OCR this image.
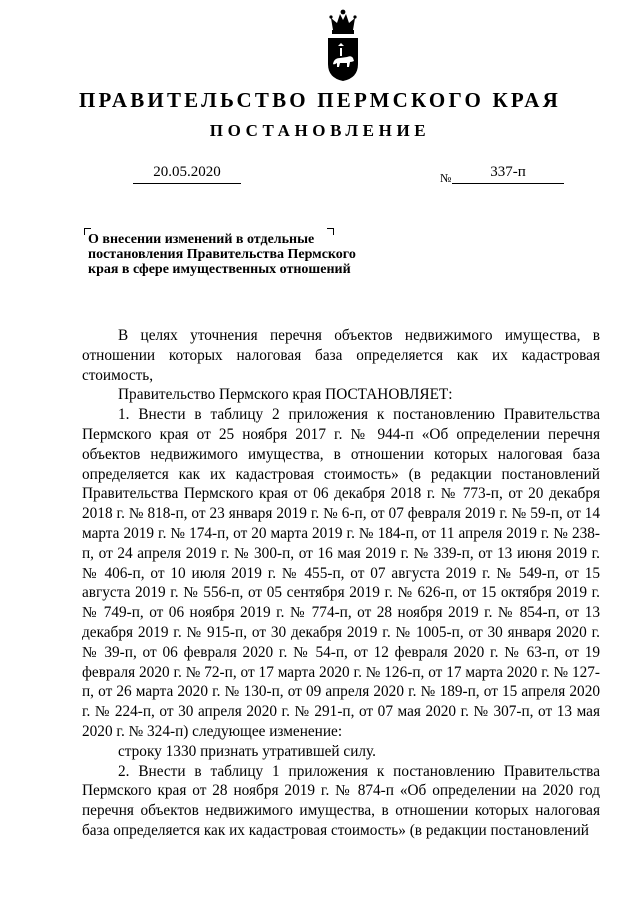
ПРАВИТЕЛЬСТВО ПЕРМСКОГО КРАЯ
ПОСТАНОВЛЕНИЕ
20.05.2020	№	337-п
О внесении изменений в отдельные постановления Правительства Пермского края в сфере имущественных отношений

В целях уточнения перечня объектов недвижимого имущества, в отношении которых налоговая база определяется как их кадастровая стоимость,

Правительство Пермского края ПОСТАНОВЛЯЕТ:

1. Внести в таблицу 2 приложения к постановлению Правительства Пермского края от 25 ноября 2017 г. № 944-п «Об определении перечня объектов недвижимого имущества, в отношении которых налоговая база определяется как их кадастровая стоимость» (в редакции постановлений Правительства Пермского края от 06 декабря 2018 г. № 773-п, от 20 декабря 2018 г. № 818-п, от 23 января 2019 г. № 6-п, от 07 февраля 2019 г. № 59-п, от 14 марта 2019 г. № 174-п, от 20 марта 2019 г. № 184-п, от 11 апреля 2019 г. № 238-п, от 24 апреля 2019 г. № 300-п, от 16 мая 2019 г. № 339-п, от 13 июня 2019 г. № 406-п, от 10 июля 2019 г. № 455-п, от 07 августа 2019 г. № 549-п, от 15 августа 2019 г. № 556-п, от 05 сентября 2019 г. № 626-п, от 15 октября 2019 г. № 749-п, от 06 ноября 2019 г. № 774-п, от 28 ноября 2019 г. № 854-п, от 13 декабря 2019 г. № 915-п, от 30 декабря 2019 г. № 1005-п, от 30 января 2020 г. № 39-п, от 06 февраля 2020 г. № 54-п, от 12 февраля 2020 г. № 63-п, от 19 февраля 2020 г. № 72-п, от 17 марта 2020 г. № 126-п, от 17 марта 2020 г. № 127-п, от 26 марта 2020 г. № 130-п, от 09 апреля 2020 г. № 189-п, от 15 апреля 2020 г. № 224-п, от 30 апреля 2020 г. № 291-п, от 07 мая 2020 г. № 307-п, от 13 мая 2020 г. № 324-п) следующее изменение:

строку 1330 признать утратившей силу.

2. Внести в таблицу 1 приложения к постановлению Правительства Пермского края от 28 ноября 2019 г. № 874-п «Об определении на 2020 год перечня объектов недвижимого имущества, в отношении которых налоговая база определяется как их кадастровая стоимость» (в редакции постановлений
